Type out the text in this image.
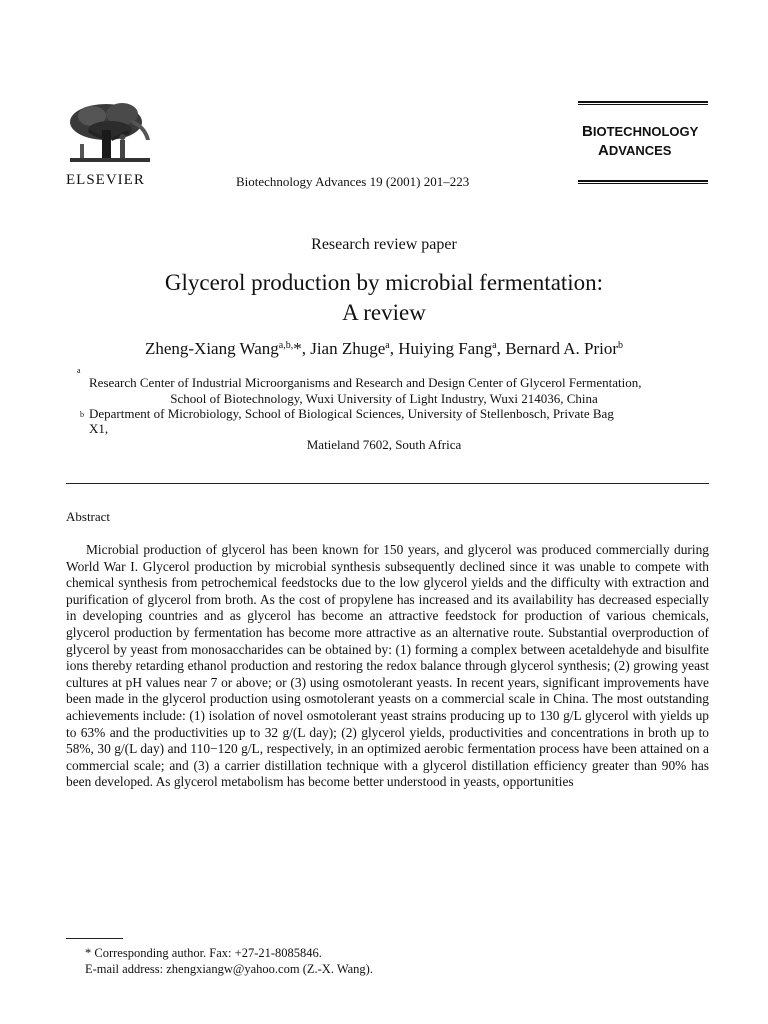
ELSEVIER	Biotechnology Advances 19 (2001) 201–223
BIOTECHNOLOGY
ADVANCES
Research review paper
Glycerol production by microbial fermentation:
A review
Zheng-Xiang Wang$^{a,b,}$*, Jian Zhuge$^a$, Huiying Fang$^a$, Bernard A. Prior$^b$
a
Research Center of Industrial Microorganisms and Research and Design Center of Glycerol Fermentation,
School of Biotechnology, Wuxi University of Light Industry, Wuxi 214036, China
b Department of Microbiology, School of Biological Sciences, University of Stellenbosch, Private Bag
X1,
Matieland 7602, South Africa
Abstract
Microbial production of glycerol has been known for 150 years, and glycerol was produced commercially during World War I. Glycerol production by microbial synthesis subsequently declined since it was unable to compete with chemical synthesis from petrochemical feedstocks due to the low glycerol yields and the difficulty with extraction and purification of glycerol from broth. As the cost of propylene has increased and its availability has decreased especially in developing countries and as glycerol has become an attractive feedstock for production of various chemicals, glycerol production by fermentation has become more attractive as an alternative route. Substantial overproduction of glycerol by yeast from monosaccharides can be obtained by: (1) forming a complex between acetaldehyde and bisulfite ions thereby retarding ethanol production and restoring the redox balance through glycerol synthesis; (2) growing yeast cultures at pH values near 7 or above; or (3) using osmotolerant yeasts. In recent years, significant improvements have been made in the glycerol production using osmotolerant yeasts on a commercial scale in China. The most outstanding achievements include: (1) isolation of novel osmotolerant yeast strains producing up to 130 g/L glycerol with yields up to 63% and the productivities up to 32 g/(L day); (2) glycerol yields, productivities and concentrations in broth up to 58%, 30 g/(L day) and 110−120 g/L, respectively, in an optimized aerobic fermentation process have been attained on a commercial scale; and (3) a carrier distillation technique with a glycerol distillation efficiency greater than 90% has been developed. As glycerol metabolism has become better understood in yeasts, opportunities
* Corresponding author. Fax: +27-21-8085846.
E-mail address: zhengxiangw@yahoo.com (Z.-X. Wang).
